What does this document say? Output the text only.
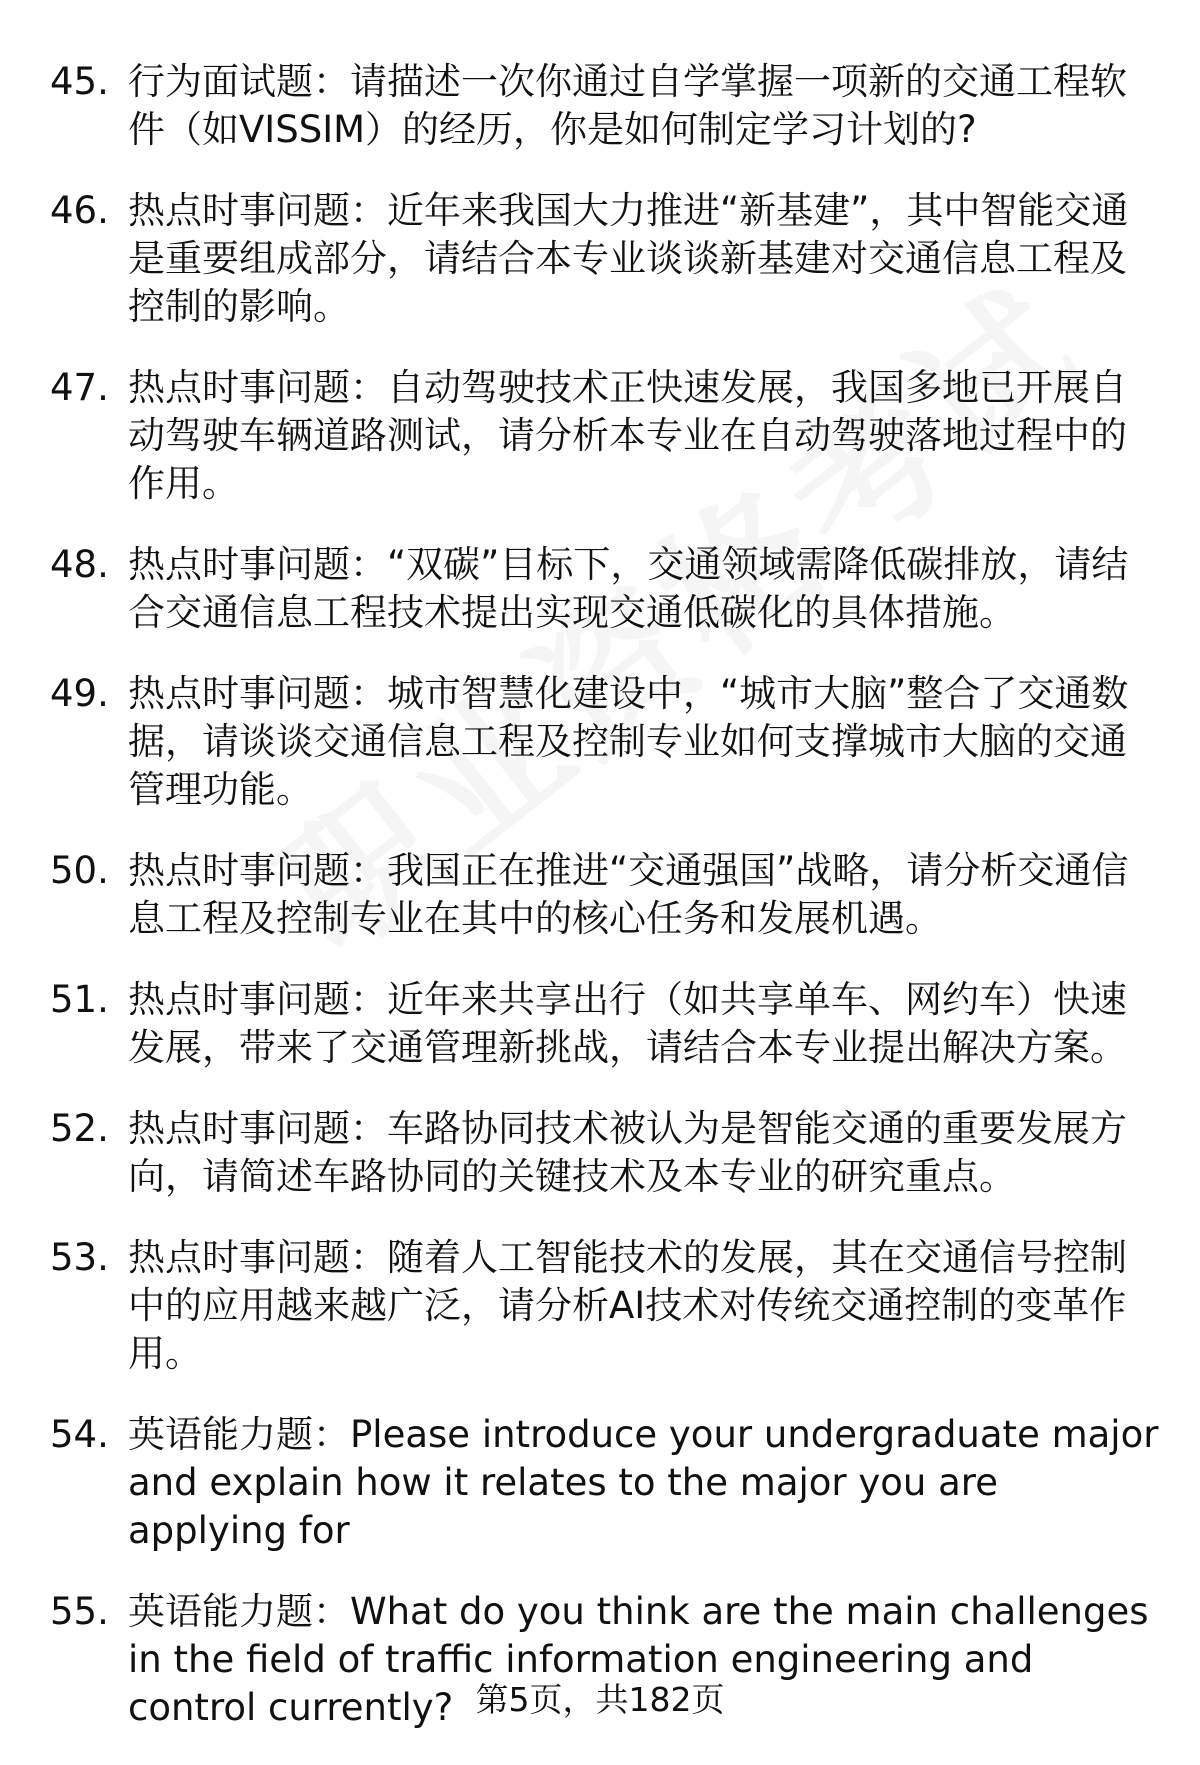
45. 行为面试题：请描述一次你通过自学掌握一项新的交通工程软件（如VISSIM）的经历，你是如何制定学习计划的?
46. 热点时事问题：近年来我国大力推进“新基建”，其中智能交通是重要组成部分，请结合本专业谈谈新基建对交通信息工程及控制的影响。
47. 热点时事问题：自动驾驶技术正快速发展，我国多地已开展自动驾驶车辆道路测试，请分析本专业在自动驾驶落地过程中的作用。
48. 热点时事问题：“双碳”目标下，交通领域需降低碳排放，请结合交通信息工程技术提出实现交通低碳化的具体措施。
49. 热点时事问题：城市智慧化建设中，“城市大脑”整合了交通数据，请谈谈交通信息工程及控制专业如何支撑城市大脑的交通管理功能。
50. 热点时事问题：我国正在推进“交通强国”战略，请分析交通信息工程及控制专业在其中的核心任务和发展机遇。
51. 热点时事问题：近年来共享出行（如共享单车、网约车）快速发展，带来了交通管理新挑战，请结合本专业提出解决方案。
52. 热点时事问题：车路协同技术被认为是智能交通的重要发展方向，请简述车路协同的关键技术及本专业的研究重点。
53. 热点时事问题：随着人工智能技术的发展，其在交通信号控制中的应用越来越广泛，请分析AI技术对传统交通控制的变革作用。
54. 英语能力题：Please introduce your undergraduate major and explain how it relates to the major you are applying for
55. 英语能力题：What do you think are the main challenges in the field of traffic information engineering and control currently? 第5页，共182页
